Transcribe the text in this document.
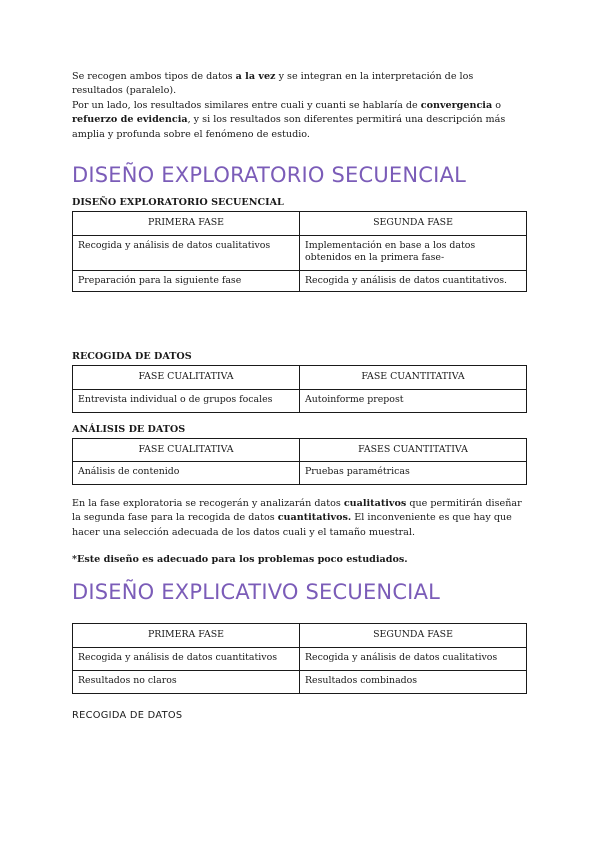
Se recogen ambos tipos de datos a la vez y se integran en la interpretación de los resultados (paralelo).

Por un lado, los resultados similares entre cuali y cuanti se hablaría de convergencia o refuerzo de evidencia, y si los resultados son diferentes permitirá una descripción más amplia y profunda sobre el fenómeno de estudio.

DISEÑO EXPLORATORIO SECUENCIAL

DISEÑO EXPLORATORIO SECUENCIAL

PRIMERA FASE	SEGUNDA FASE
Recogida y análisis de datos cualitativos	Implementación en base a los datos obtenidos en la primera fase-
Preparación para la siguiente fase	Recogida y análisis de datos cuantitativos.

RECOGIDA DE DATOS

FASE CUALITATIVA	FASE CUANTITATIVA
Entrevista individual o de grupos focales	Autoinforme prepost

ANÁLISIS DE DATOS

FASE CUALITATIVA	FASES CUANTITATIVA
Análisis de contenido	Pruebas paramétricas

En la fase exploratoria se recogerán y analizarán datos cualitativos que permitirán diseñar la segunda fase para la recogida de datos cuantitativos. El inconveniente es que hay que hacer una selección adecuada de los datos cuali y el tamaño muestral.

*Este diseño es adecuado para los problemas poco estudiados.

DISEÑO EXPLICATIVO SECUENCIAL
PRIMERA FASE	SEGUNDA FASE
Recogida y análisis de datos cuantitativos	Recogida y análisis de datos cualitativos
Resultados no claros	Resultados combinados

RECOGIDA DE DATOS
